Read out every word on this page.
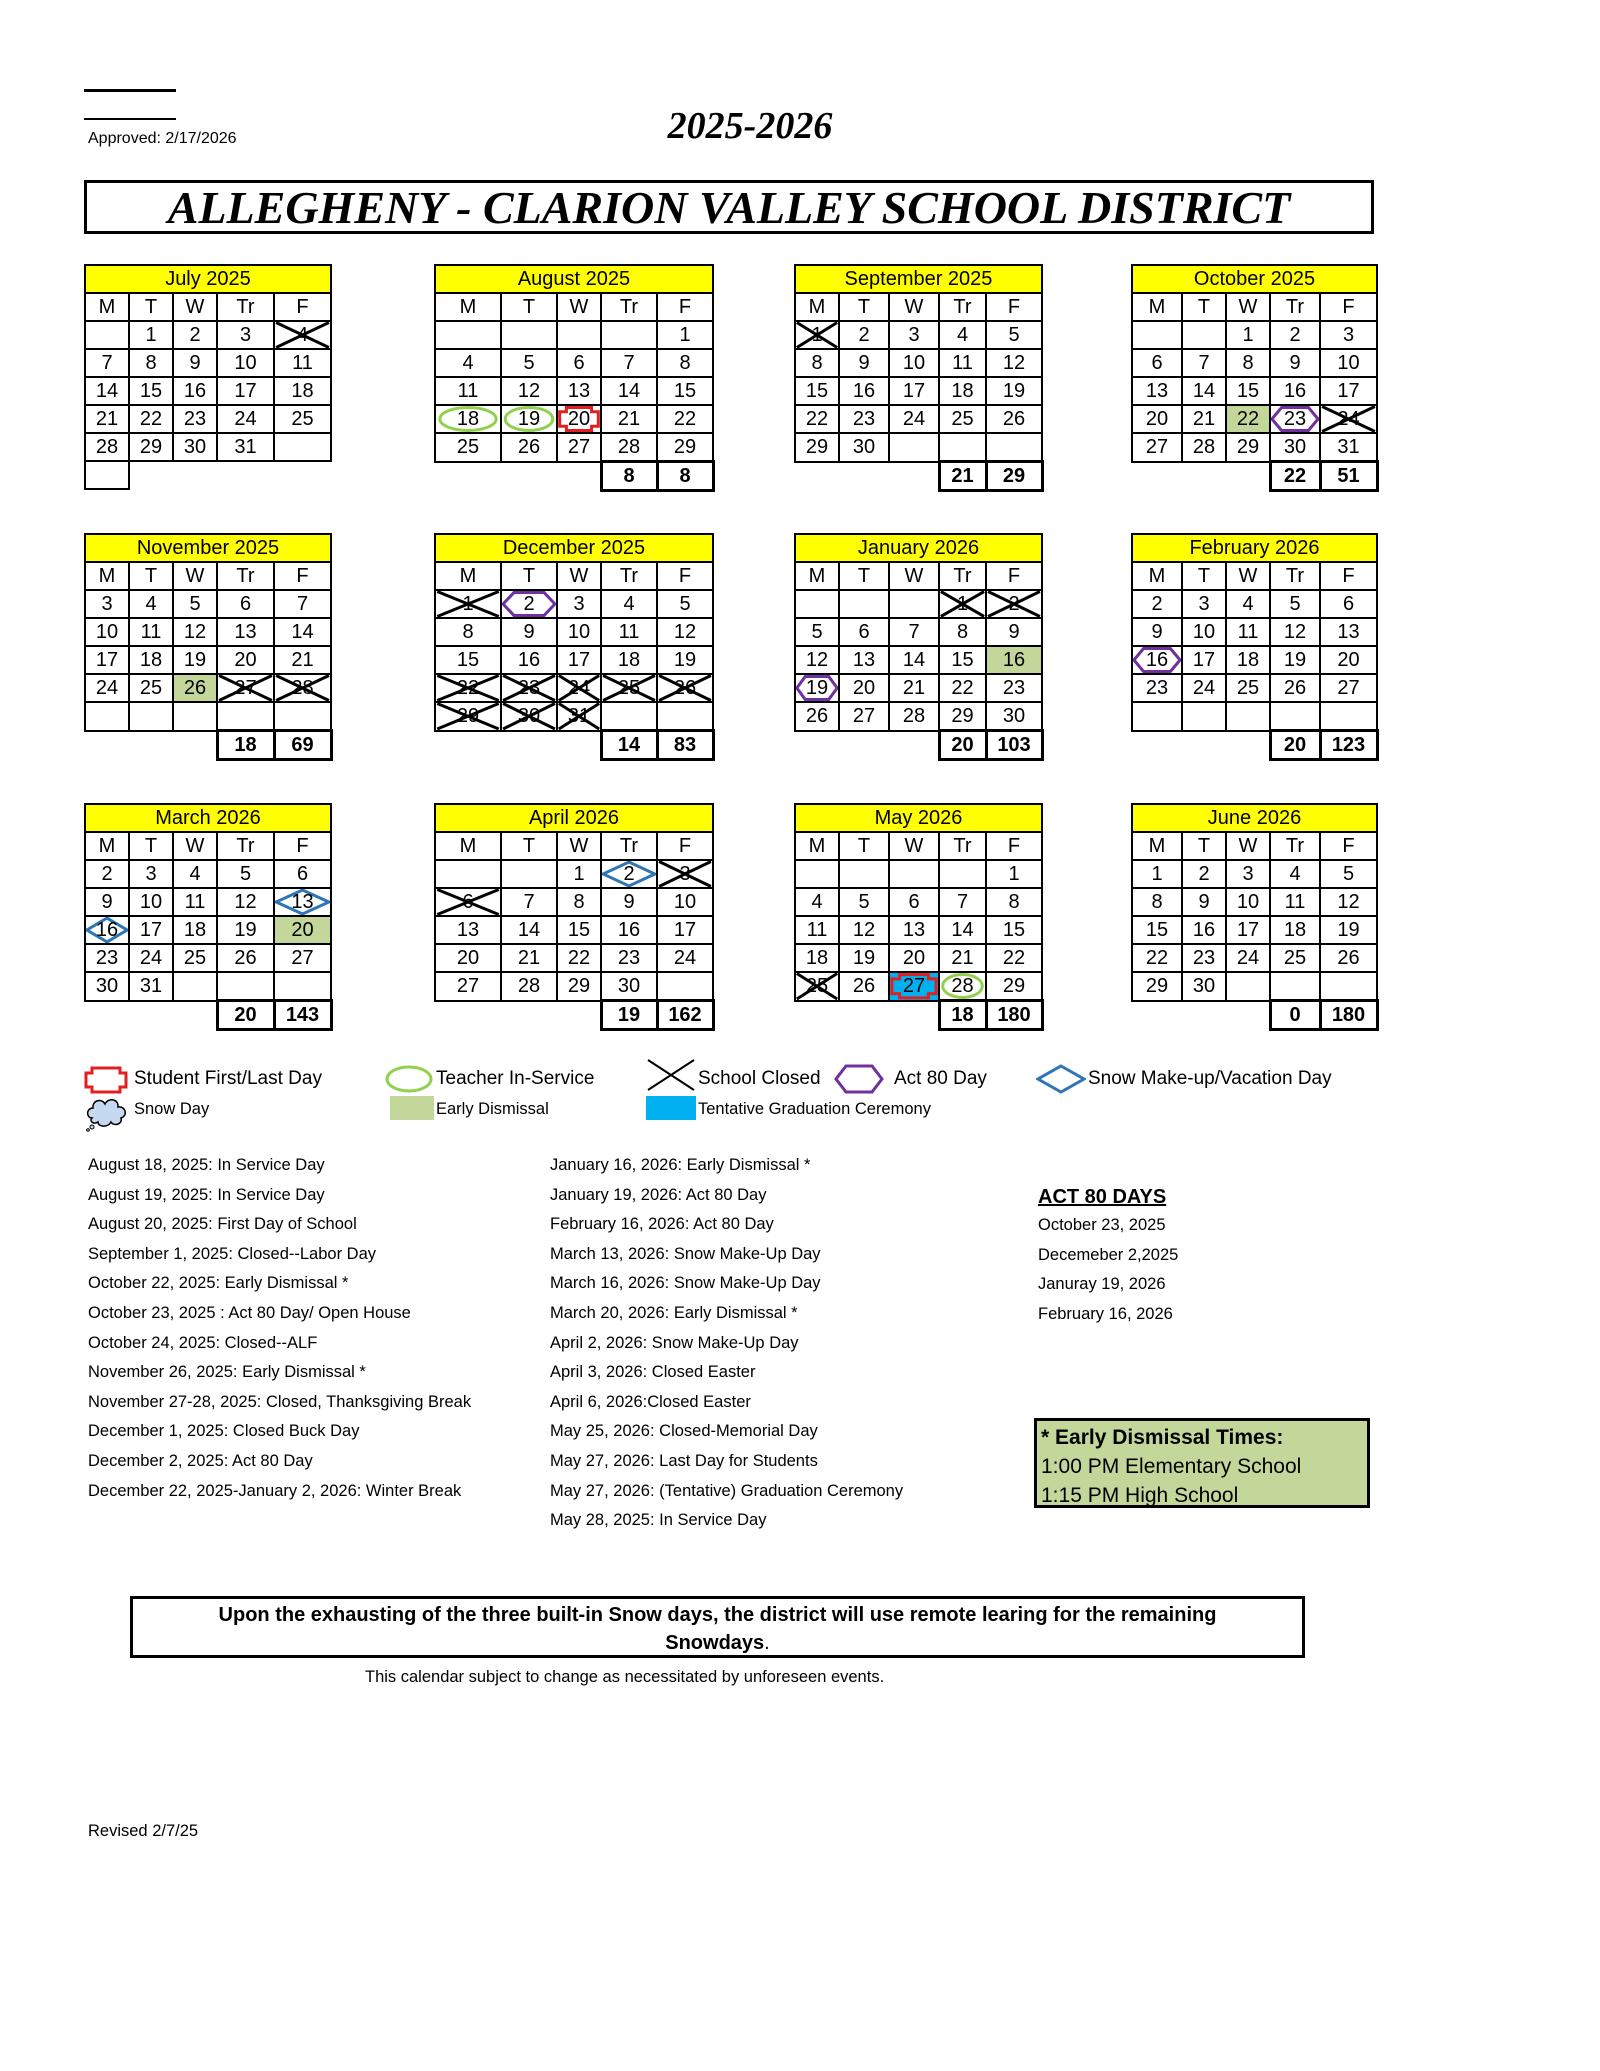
Approved: 2/17/2026	2025-2026
ALLEGHENY - CLARION VALLEY SCHOOL DISTRICT
July 2025				
M	T	W	Tr	F
	1	2	3	4

7	8	9	10	11
14	15	16	17	18
21	22	23	24	25
28	29	30	31	

August 2025				
M	T	W	Tr	F
				1
4	5	6	7	8
11	12	13	14	15
18	19	20	21	22
25	26	27	28	29
			8	8
September 2025				
M	T	W	Tr	F
1	2	3	4	5
8	9	10	11	12
15	16	17	18	19
22	23	24	25	26
29	30			
			21	29
October 2025				
M	T	W	Tr	F
		1	2	3
6	7	8	9	10
13	14	15	16	17
20	21	22	23	24

27	28	29	30	31
			22	51
November 2025				
M	T	W	Tr	F
3	4	5	6	7
10	11	12	13	14
17	18	19	20	21
24	25	26	27	28

			18	69
December 2025				
M	T	W	Tr	F
1	2	3	4	5
8	9	10	11	12
15	16	17	18	19
22	23	24	25	26

29	30	31

			14	83
January 2026				
M	T	W	Tr	F
			1	2

5	6	7	8	9
12	13	14	15	16
19	20	21	22	23
26	27	28	29	30
			20	103
February 2026				
M	T	W	Tr	F
2	3	4	5	6
9	10	11	12	13
16	17	18	19	20
23	24	25	26	27

			20	123
March 2026				
M	T	W	Tr	F
2	3	4	5	6
9	10	11	12	13

16	17	18	19	20
23	24	25	26	27
30	31			
			20	143
April 2026				
M	T	W	Tr	F
		1	2	3

6	7	8	9	10
13	14	15	16	17
20	21	22	23	24
27	28	29	30	
			19	162
May 2026				
M	T	W	Tr	F
				1
4	5	6	7	8
11	12	13	14	15
18	19	20	21	22
25	26	27	28	29
			18	180
June 2026				
M	T	W	Tr	F
1	2	3	4	5
8	9	10	11	12
15	16	17	18	19
22	23	24	25	26
29	30			
			0	180
Student First/Last Day	Teacher In-Service	School Closed	Act 80 Day	Snow Make-up/Vacation Day
Snow Day	Early Dismissal	Tentative Graduation Ceremony
August 18, 2025: In Service Day
August 19, 2025: In Service Day
August 20, 2025: First Day of School
September 1, 2025: Closed--Labor Day
October 22, 2025: Early Dismissal *
October 23, 2025 : Act 80 Day/ Open House
October 24, 2025: Closed--ALF
November 26, 2025: Early Dismissal *
November 27-28, 2025: Closed, Thanksgiving Break
December 1, 2025: Closed Buck Day
December 2, 2025: Act 80 Day
December 22, 2025-January 2, 2026: Winter Break
January 16, 2026: Early Dismissal *
January 19, 2026: Act 80 Day
February 16, 2026: Act 80 Day
March 13, 2026: Snow Make-Up Day
March 16, 2026: Snow Make-Up Day
March 20, 2026: Early Dismissal *
April 2, 2026: Snow Make-Up Day
April 3, 2026: Closed Easter
April 6, 2026:Closed Easter
May 25, 2026: Closed-Memorial Day
May 27, 2026: Last Day for Students
May 27, 2026: (Tentative) Graduation Ceremony
May 28, 2025: In Service Day
ACT 80 DAYS
October 23, 2025
Decemeber 2,2025
Januray 19, 2026
February 16, 2026
* Early Dismissal Times:
1:00 PM Elementary School
1:15 PM High School
Upon the exhausting of the three built-in Snow days, the district will use remote learing for the remaining
Snowdays.
This calendar subject to change as necessitated by unforeseen events.
Revised 2/7/25
